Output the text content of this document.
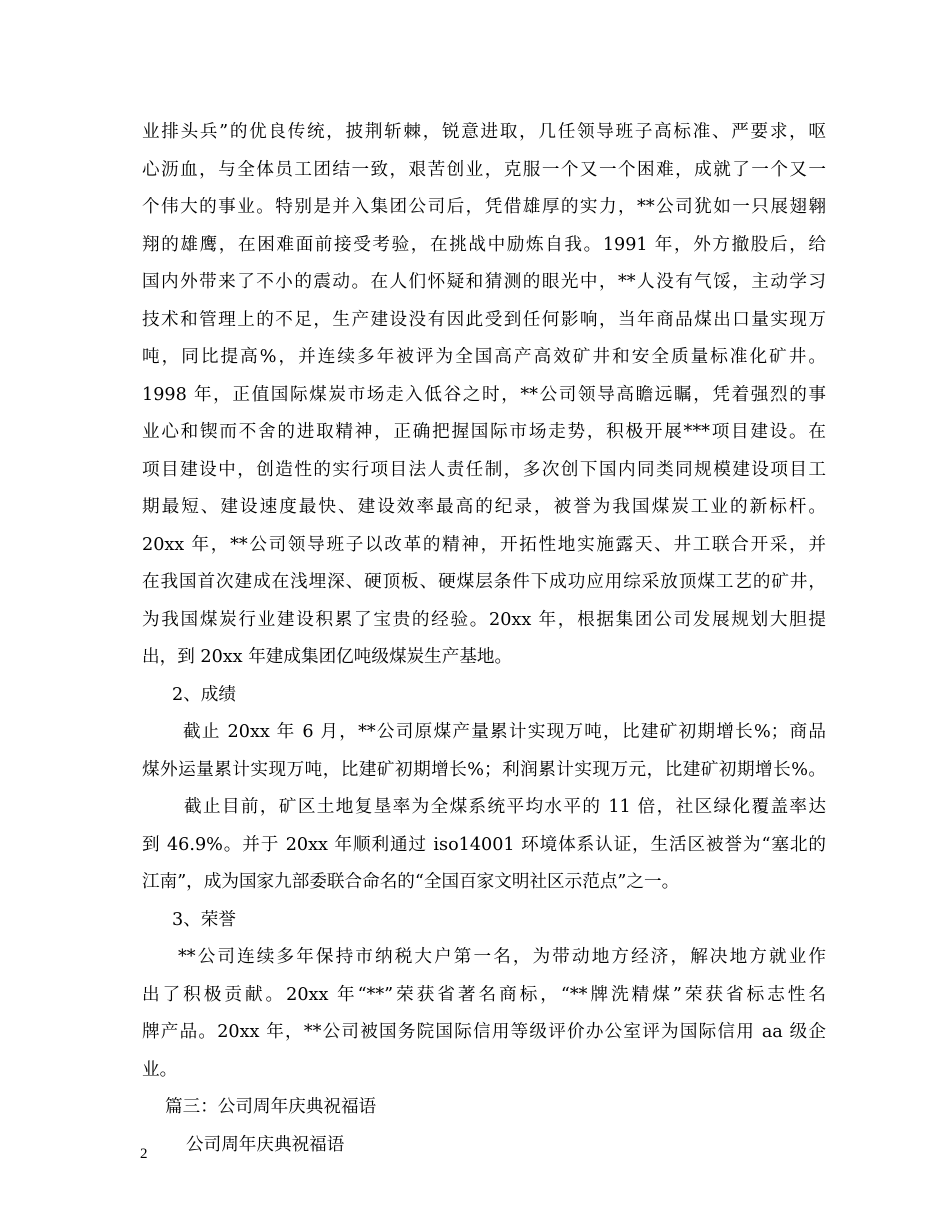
业排头兵”的优良传统，披荆斩棘，锐意进取，几任领导班子高标准、严要求，呕
心沥血，与全体员工团结一致，艰苦创业，克服一个又一个困难，成就了一个又一
个伟大的事业。特别是并入集团公司后，凭借雄厚的实力，**公司犹如一只展翅翱
翔的雄鹰，在困难面前接受考验，在挑战中励炼自我。1991 年，外方撤股后，给
国内外带来了不小的震动。在人们怀疑和猜测的眼光中，**人没有气馁，主动学习
技术和管理上的不足，生产建设没有因此受到任何影响，当年商品煤出口量实现万
吨，同比提高%，并连续多年被评为全国高产高效矿井和安全质量标准化矿井。
1998 年，正值国际煤炭市场走入低谷之时，**公司领导高瞻远瞩，凭着强烈的事
业心和锲而不舍的进取精神，正确把握国际市场走势，积极开展***项目建设。在
项目建设中，创造性的实行项目法人责任制，多次创下国内同类同规模建设项目工
期最短、建设速度最快、建设效率最高的纪录，被誉为我国煤炭工业的新标杆。
20xx 年，**公司领导班子以改革的精神，开拓性地实施露天、井工联合开采，并
在我国首次建成在浅埋深、硬顶板、硬煤层条件下成功应用综采放顶煤工艺的矿井，
为我国煤炭行业建设积累了宝贵的经验。20xx 年，根据集团公司发展规划大胆提
出，到 20xx 年建成集团亿吨级煤炭生产基地。
2、成绩
截止 20xx 年 6 月，**公司原煤产量累计实现万吨，比建矿初期增长%；商品
煤外运量累计实现万吨，比建矿初期增长%；利润累计实现万元，比建矿初期增长%。
截止目前，矿区土地复垦率为全煤系统平均水平的 11 倍，社区绿化覆盖率达
到 46.9%。并于 20xx 年顺利通过 iso14001 环境体系认证，生活区被誉为“塞北的
江南”，成为国家九部委联合命名的“全国百家文明社区示范点”之一。
3、荣誉
**公司连续多年保持市纳税大户第一名，为带动地方经济，解决地方就业作
出了积极贡献。20xx 年“**”荣获省著名商标，“**牌洗精煤”荣获省标志性名
牌产品。20xx 年，**公司被国务院国际信用等级评价办公室评为国际信用 aa 级企
业。
篇三：公司周年庆典祝福语
公司周年庆典祝福语
2
